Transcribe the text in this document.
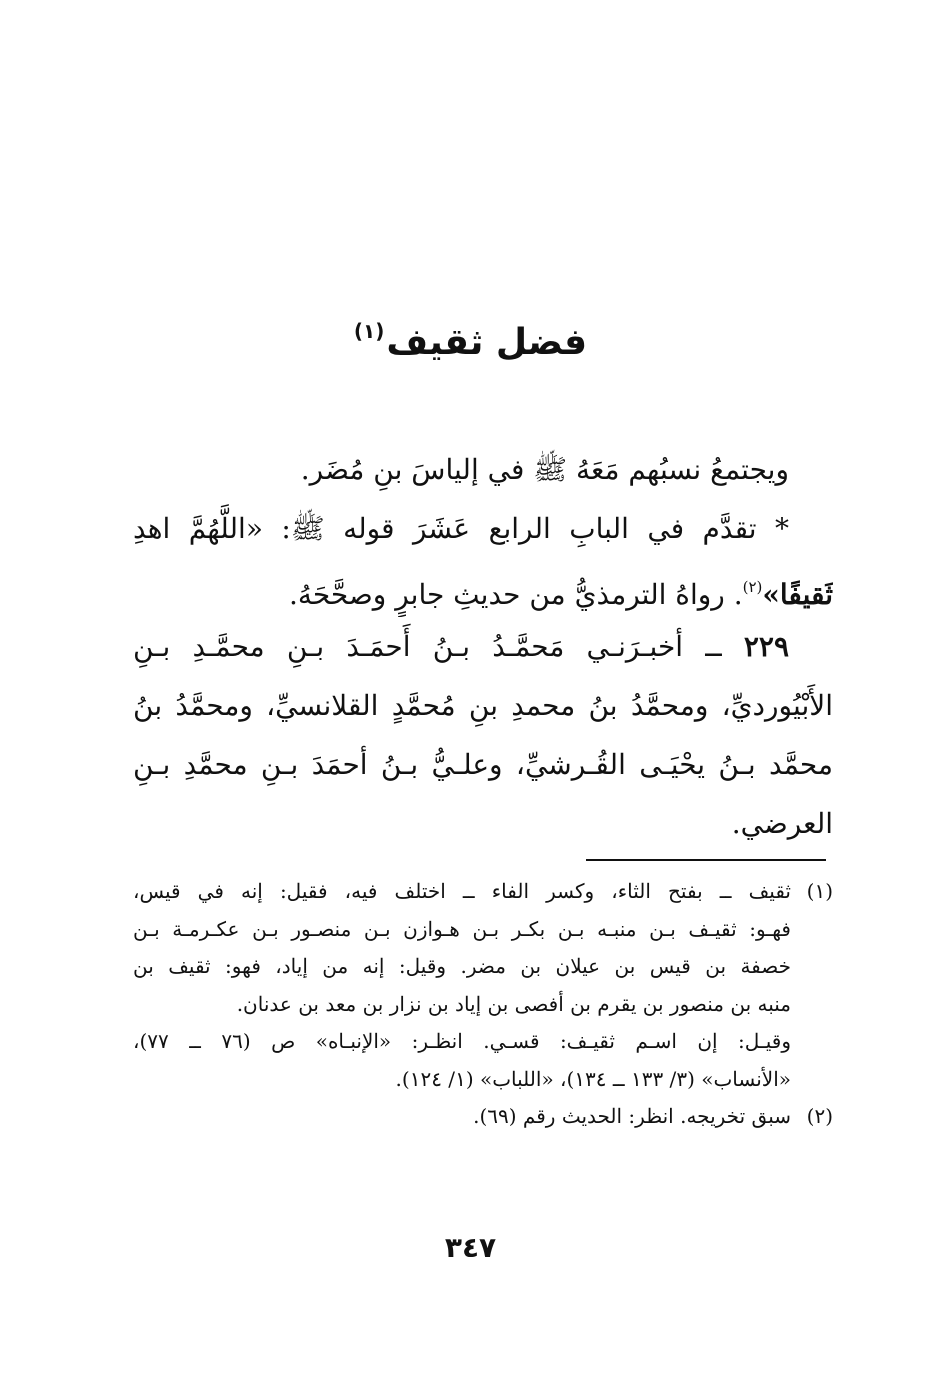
فضل ثقيف$^{(١)}$
ويجتمعُ نسبُهم مَعَهُ ﷺ في إلياسَ بنِ مُضَر.
* تقدَّم في البابِ الرابع عَشَرَ قوله ﷺ: «اللَّهُمَّ اهدِ
ثَقيفًا»$^{(٢)}$. رواهُ الترمذيُّ من حديثِ جابرٍ وصحَّحَهُ.
٢٢٩ ــ أخبـرَنـي مَحمَّـدُ بـنُ أَحمَـدَ بـنِ محمَّـدِ بـنِ
الأَبْيُورديِّ، ومحمَّدُ بنُ محمدِ بنِ مُحمَّدٍ القلانسيِّ، ومحمَّدُ بنُ
محمَّد بـنُ يحْيَـى القُـرشيِّ، وعلـيُّ بـنُ أحمَدَ بـنِ محمَّدِ بـنِ
العرضي.
(١)ثقيف ــ بفتح الثاء، وكسر الفاء ــ اختلف فيه، فقيل: إنه في قيس،
فهـو: ثقيـف بـن منبـه بـن بكـر بـن هـوازن بـن منصـور بـن عكـرمـة بـن
خصفة بن قيس بن عيلان بن مضر. وقيل: إنه من إياد، فهو: ثقيف بن
منبه بن منصور بن يقرم بن أفصى بن إياد بن نزار بن معد بن عدنان.
وقيـل: إن اسـم ثقيـف: قسـي. انظـر: «الإنبـاه» ص (٧٦ ــ ٧٧)،
«الأنساب» (٣/ ١٣٣ ــ ١٣٤)، «اللباب» (١/ ١٢٤).
(٢)سبق تخريجه. انظر: الحديث رقم (٦٩).
٣٤٧
